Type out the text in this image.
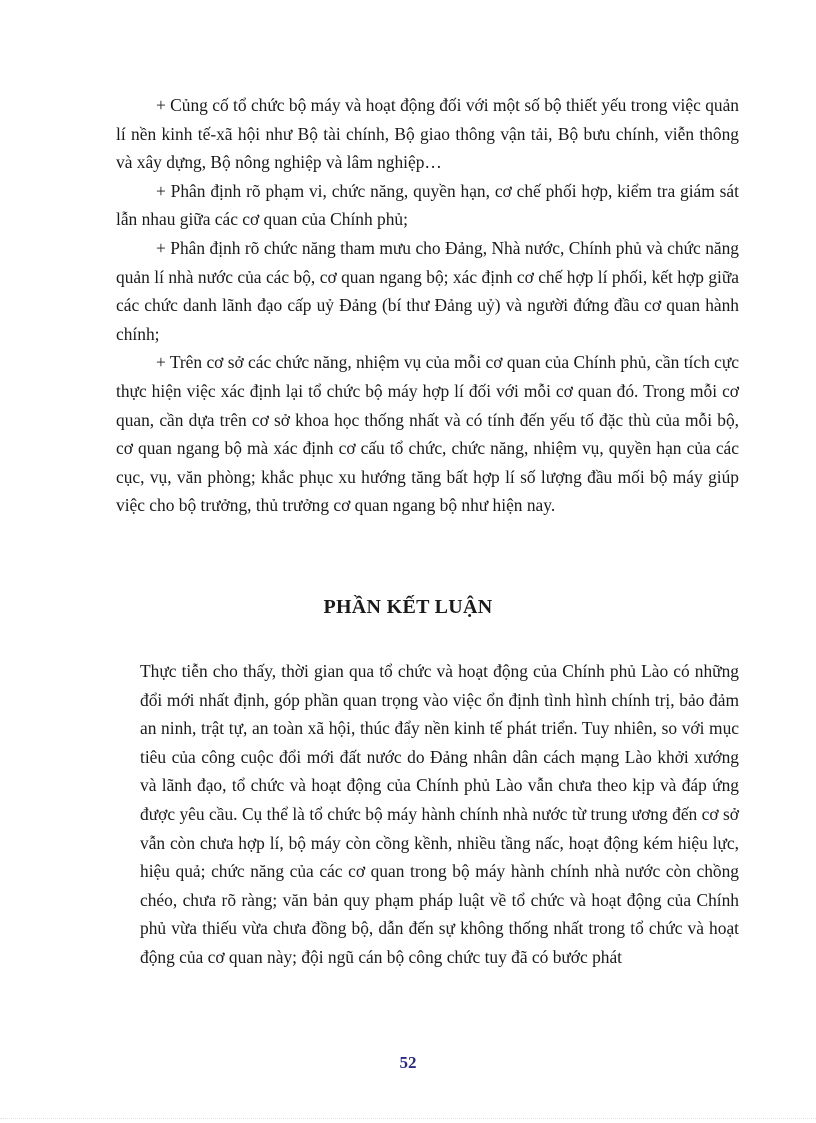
+ Củng cố tổ chức bộ máy và hoạt động đối với một số bộ thiết yếu trong việc quản lí nền kinh tế-xã hội như Bộ tài chính, Bộ giao thông vận tải, Bộ bưu chính, viễn thông và xây dựng, Bộ nông nghiệp và lâm nghiệp…

+ Phân định rõ phạm vi, chức năng, quyền hạn, cơ chế phối hợp, kiểm tra giám sát lẫn nhau giữa các cơ quan của Chính phủ;

+ Phân định rõ chức năng tham mưu cho Đảng, Nhà nước, Chính phủ và chức năng quản lí nhà nước của các bộ, cơ quan ngang bộ; xác định cơ chế hợp lí phối, kết hợp giữa các chức danh lãnh đạo cấp uỷ Đảng (bí thư Đảng uỷ) và người đứng đầu cơ quan hành chính;

+ Trên cơ sở các chức năng, nhiệm vụ của mỗi cơ quan của Chính phủ, cần tích cực thực hiện việc xác định lại tổ chức bộ máy hợp lí đối với mỗi cơ quan đó. Trong mỗi cơ quan, cần dựa trên cơ sở khoa học thống nhất và có tính đến yếu tố đặc thù của mỗi bộ, cơ quan ngang bộ mà xác định cơ cấu tổ chức, chức năng, nhiệm vụ, quyền hạn của các cục, vụ, văn phòng; khắc phục xu hướng tăng bất hợp lí số lượng đầu mối bộ máy giúp việc cho bộ trưởng, thủ trưởng cơ quan ngang bộ như hiện nay.

PHẦN KẾT LUẬN

Thực tiễn cho thấy, thời gian qua tổ chức và hoạt động của Chính phủ Lào có những đổi mới nhất định, góp phần quan trọng vào việc ổn định tình hình chính trị, bảo đảm an ninh, trật tự, an toàn xã hội, thúc đẩy nền kinh tế phát triển. Tuy nhiên, so với mục tiêu của công cuộc đổi mới đất nước do Đảng nhân dân cách mạng Lào khởi xướng và lãnh đạo, tổ chức và hoạt động của Chính phủ Lào vẫn chưa theo kịp và đáp ứng được yêu cầu. Cụ thể là tổ chức bộ máy hành chính nhà nước từ trung ương đến cơ sở vẫn còn chưa hợp lí, bộ máy còn cồng kềnh, nhiều tầng nấc, hoạt động kém hiệu lực, hiệu quả; chức năng của các cơ quan trong bộ máy hành chính nhà nước còn chồng chéo, chưa rõ ràng; văn bản quy phạm pháp luật về tổ chức và hoạt động của Chính phủ vừa thiếu vừa chưa đồng bộ, dẫn đến sự không thống nhất trong tổ chức và hoạt động của cơ quan này; đội ngũ cán bộ công chức tuy đã có bước phát

52
